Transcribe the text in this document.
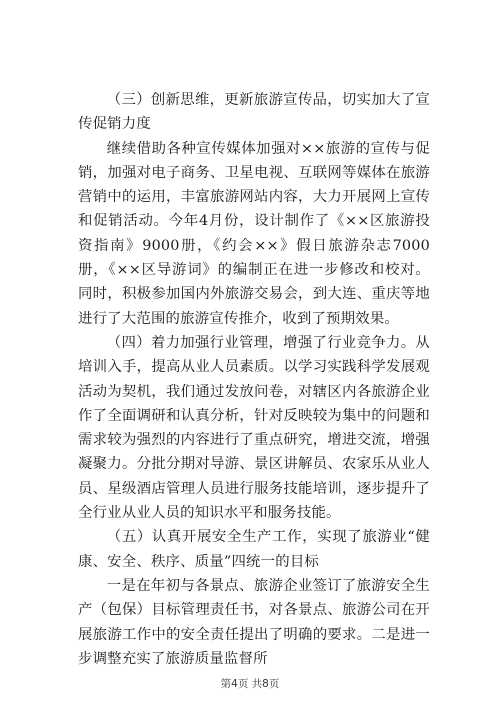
（三）创新思维，更新旅游宣传品，切实加大了宣传促销力度

继续借助各种宣传媒体加强对××旅游的宣传与促销，加强对电子商务、卫星电视、互联网等媒体在旅游营销中的运用，丰富旅游网站内容，大力开展网上宣传和促销活动。今年4月份，设计制作了《××区旅游投资指南》9000册，《约会××》假日旅游杂志7000册，《××区导游词》的编制正在进一步修改和校对。同时，积极参加国内外旅游交易会，到大连、重庆等地进行了大范围的旅游宣传推介，收到了预期效果。

（四）着力加强行业管理，增强了行业竞争力。从培训入手，提高从业人员素质。以学习实践科学发展观活动为契机，我们通过发放问卷，对辖区内各旅游企业作了全面调研和认真分析，针对反映较为集中的问题和需求较为强烈的内容进行了重点研究，增进交流，增强凝聚力。分批分期对导游、景区讲解员、农家乐从业人员、星级酒店管理人员进行服务技能培训，逐步提升了全行业从业人员的知识水平和服务技能。

（五）认真开展安全生产工作，实现了旅游业“健康、安全、秩序、质量”四统一的目标

一是在年初与各景点、旅游企业签订了旅游安全生产（包保）目标管理责任书，对各景点、旅游公司在开展旅游工作中的安全责任提出了明确的要求。二是进一步调整充实了旅游质量监督所

第4页 共8页
